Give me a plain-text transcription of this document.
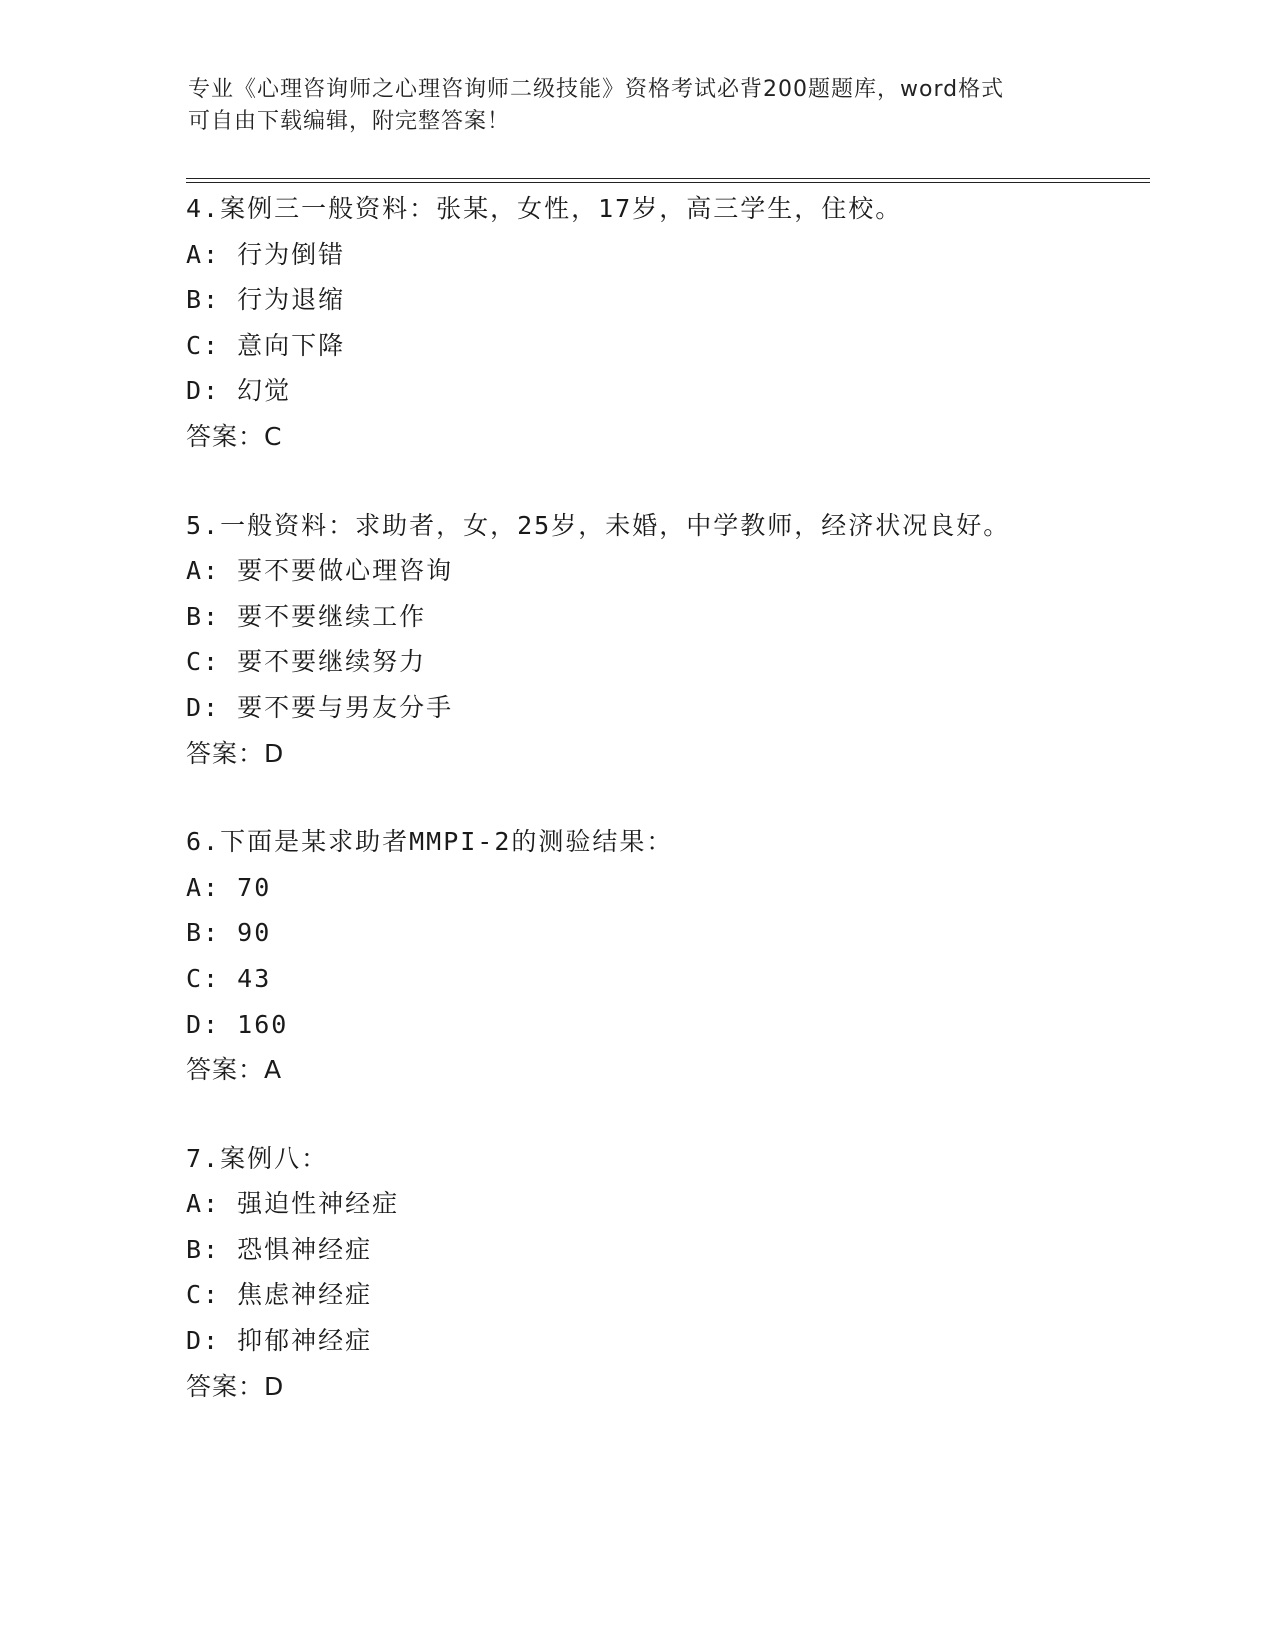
专业《心理咨询师之心理咨询师二级技能》资格考试必背200题题库，word格式
可自由下载编辑，附完整答案！
4.案例三一般资料：张某，女性，17岁，高三学生，住校。
A: 行为倒错
B: 行为退缩
C: 意向下降
D: 幻觉
答案：C
5.一般资料：求助者，女，25岁，未婚，中学教师，经济状况良好。
A: 要不要做心理咨询
B: 要不要继续工作
C: 要不要继续努力
D: 要不要与男友分手
答案：D
6.下面是某求助者MMPI-2的测验结果：
A: 70
B: 90
C: 43
D: 160
答案：A
7.案例八：
A: 强迫性神经症
B: 恐惧神经症
C: 焦虑神经症
D: 抑郁神经症
答案：D
